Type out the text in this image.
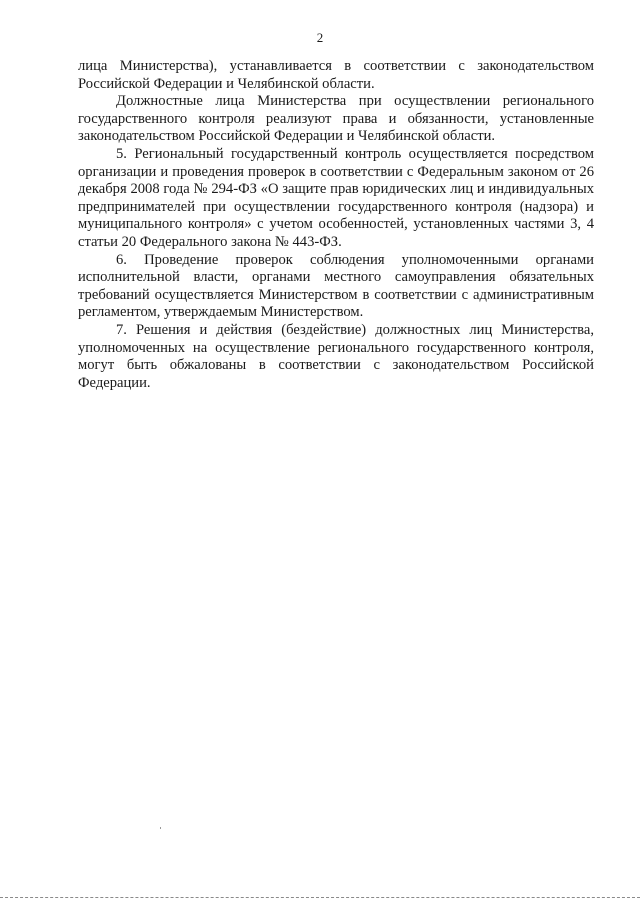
2

лица Министерства), устанавливается в соответствии с законодательством Российской Федерации и Челябинской области.

Должностные лица Министерства при осуществлении регионального государственного контроля реализуют права и обязанности, установленные законодательством Российской Федерации и Челябинской области.

5. Региональный государственный контроль осуществляется посредством организации и проведения проверок в соответствии с Федеральным законом от 26 декабря 2008 года № 294-ФЗ «О защите прав юридических лиц и индивидуальных предпринимателей при осуществлении государственного контроля (надзора) и муниципального контроля» с учетом особенностей, установленных частями 3, 4 статьи 20 Федерального закона № 443-ФЗ.

6. Проведение проверок соблюдения уполномоченными органами исполнительной власти, органами местного самоуправления обязательных требований осуществляется Министерством в соответствии с административным регламентом, утверждаемым Министерством.

7. Решения и действия (бездействие) должностных лиц Министерства, уполномоченных на осуществление регионального государственного контроля, могут быть обжалованы в соответствии с законодательством Российской Федерации.
